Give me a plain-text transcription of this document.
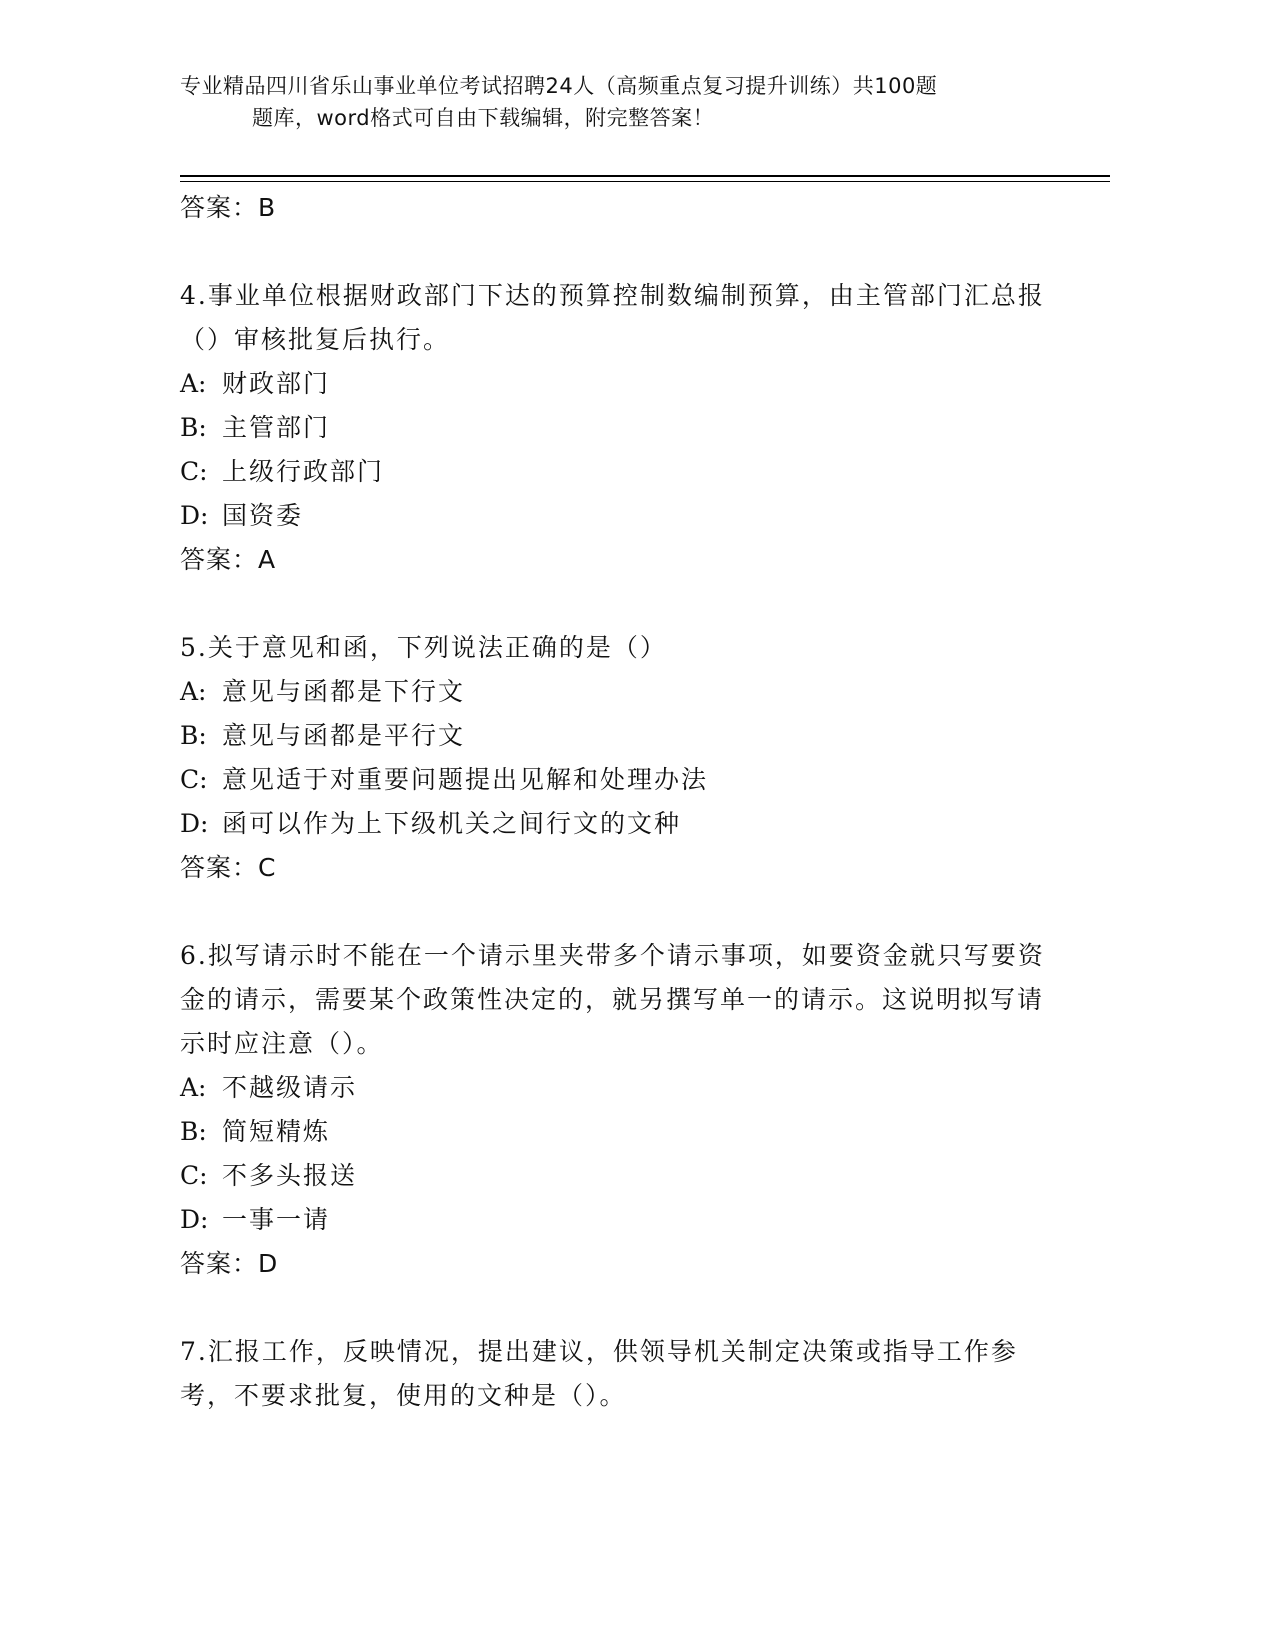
专业精品四川省乐山事业单位考试招聘24人（高频重点复习提升训练）共100题
题库，word格式可自由下载编辑，附完整答案！
答案：B

4.事业单位根据财政部门下达的预算控制数编制预算，由主管部门汇总报（）审核批复后执行。

A: 财政部门
B: 主管部门
C: 上级行政部门
D: 国资委
答案：A

5.关于意见和函，下列说法正确的是（）

A: 意见与函都是下行文
B: 意见与函都是平行文
C: 意见适于对重要问题提出见解和处理办法
D: 函可以作为上下级机关之间行文的文种
答案：C

6.拟写请示时不能在一个请示里夹带多个请示事项，如要资金就只写要资金的请示，需要某个政策性决定的，就另撰写单一的请示。这说明拟写请示时应注意（）。

A: 不越级请示
B: 简短精炼
C: 不多头报送
D: 一事一请
答案：D

7.汇报工作，反映情况，提出建议，供领导机关制定决策或指导工作参考，不要求批复，使用的文种是（）。
